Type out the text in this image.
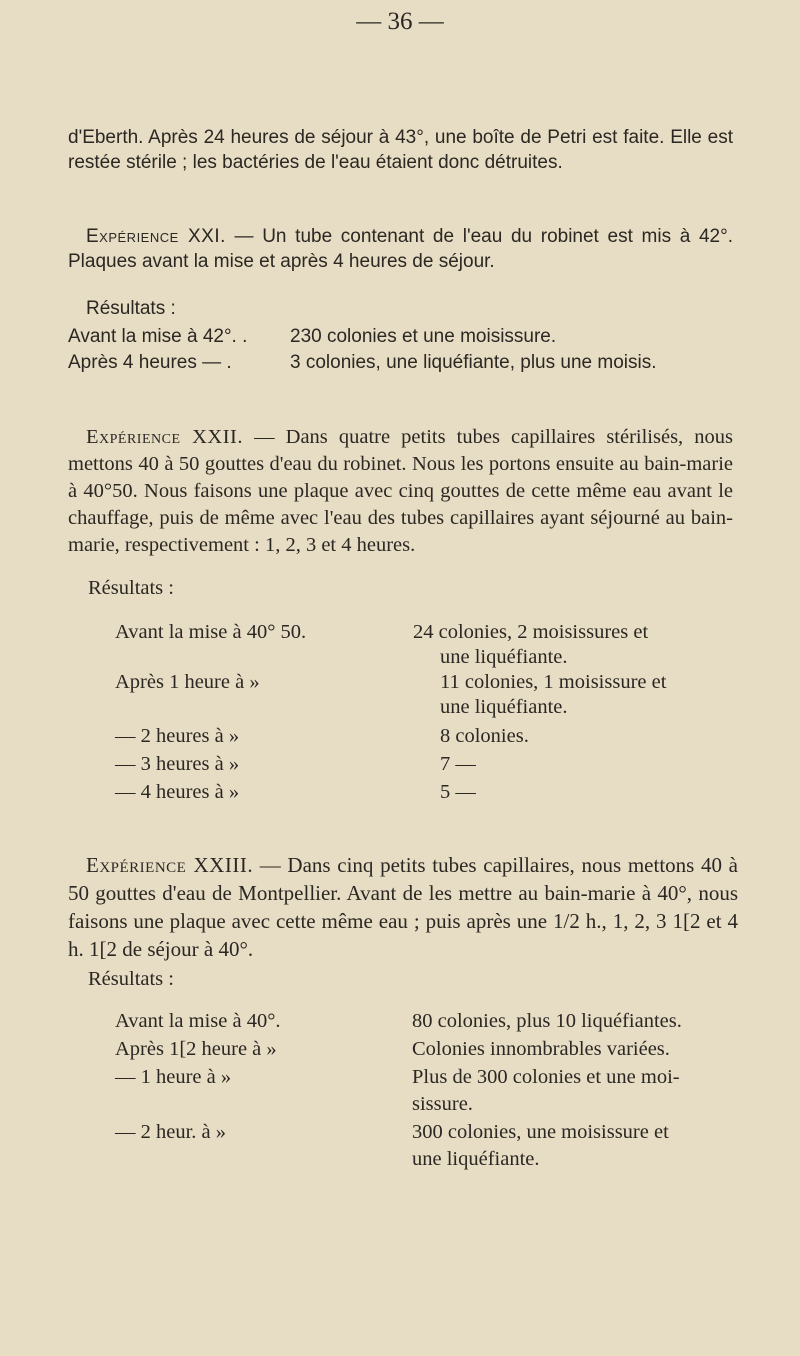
— 36 —
d'Eberth. Après 24 heures de séjour à 43°, une boîte de Petri est faite. Elle est restée stérile ; les bactéries de l'eau étaient donc détruites.
Expérience XXI. — Un tube contenant de l'eau du robinet est mis à 42°. Plaques avant la mise et après 4 heures de séjour.
Résultats :
Avant la mise à 42°. . 230 colonies et une moisissure.
Après 4 heures — .	3 colonies, une liquéfiante, plus une moisis.
Expérience XXII. — Dans quatre petits tubes capillaires stérilisés, nous mettons 40 à 50 gouttes d'eau du robinet. Nous les portons ensuite au bain-marie à 40°50. Nous faisons une plaque avec cinq gouttes de cette même eau avant le chauffage, puis de même avec l'eau des tubes capillaires ayant séjourné au bain-marie, respectivement : 1, 2, 3 et 4 heures.
Résultats :
Avant la mise à 40° 50.	24 colonies, 2 moisissures et
une liquéfiante.
Après 1 heure à »	11 colonies, 1 moisissure et
une liquéfiante.
— 2 heures à »	8 colonies.
— 3 heures à »	7 —
— 4 heures à »	5 —
Expérience XXIII. — Dans cinq petits tubes capillaires, nous mettons 40 à 50 gouttes d'eau de Montpellier. Avant de les mettre au bain-marie à 40°, nous faisons une plaque avec cette même eau ; puis après une 1/2 h., 1, 2, 3 1[2 et 4 h. 1[2 de séjour à 40°.
Résultats :
Avant la mise à 40°.	80 colonies, plus 10 liquéfiantes.
Après 1[2 heure à »	Colonies innombrables variées.
— 1 heure à »	Plus de 300 colonies et une moi-
sissure.
— 2 heur. à »	300 colonies, une moisissure et
une liquéfiante.
